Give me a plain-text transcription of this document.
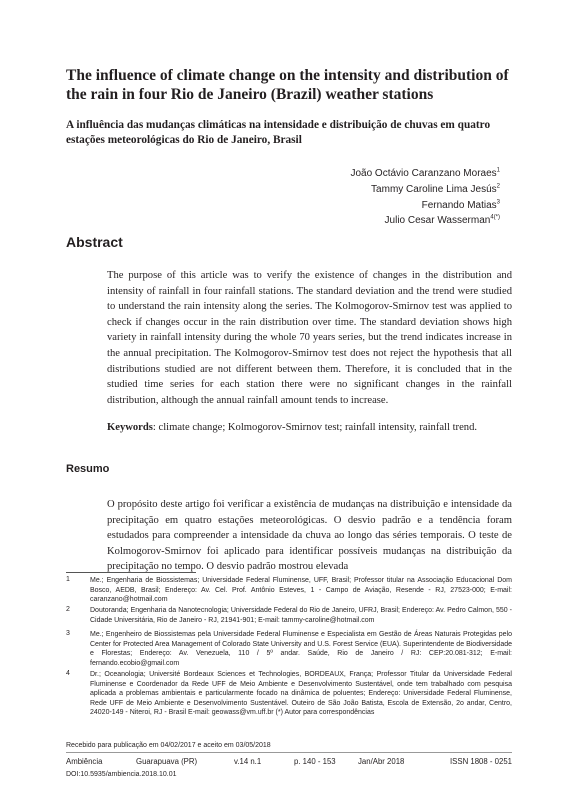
The influence of climate change on the intensity and distribution of the rain in four Rio de Janeiro (Brazil) weather stations
A influência das mudanças climáticas na intensidade e distribuição de chuvas em quatro estações meteorológicas do Rio de Janeiro, Brasil
João Octávio Caranzano Moraes$^1$
Tammy Caroline Lima Jesús$^2$
Fernando Matias$^3$
Julio Cesar Wasserman$^{4(*)}$
Abstract
The purpose of this article was to verify the existence of changes in the distribution and intensity of rainfall in four rainfall stations. The standard deviation and the trend were studied to understand the rain intensity along the series. The Kolmogorov-Smirnov test was applied to check if changes occur in the rain distribution over time. The standard deviation shows high variety in rainfall intensity during the whole 70 years series, but the trend indicates increase in the annual precipitation. The Kolmogorov-Smirnov test does not reject the hypothesis that all distributions studied are not different between them. Therefore, it is concluded that in the studied time series for each station there were no significant changes in the rainfall distribution, although the annual rainfall amount tends to increase.
Keywords: climate change; Kolmogorov-Smirnov test; rainfall intensity, rainfall trend.
Resumo
O propósito deste artigo foi verificar a existência de mudanças na distribuição e intensidade da precipitação em quatro estações meteorológicas. O desvio padrão e a tendência foram estudados para compreender a intensidade da chuva ao longo das séries temporais. O teste de Kolmogorov-Smirnov foi aplicado para identificar possíveis mudanças na distribuição da precipitação no tempo. O desvio padrão mostrou elevada
1	Me.; Engenharia de Biossistemas; Universidade Federal Fluminense, UFF, Brasil; Professor titular na Associação Educacional Dom Bosco, AEDB, Brasil; Endereço: Av. Cel. Prof. Antônio Esteves, 1 - Campo de Aviação, Resende - RJ, 27523-000; E-mail: caranzano@hotmail.com
2	Doutoranda; Engenharia da Nanotecnologia; Universidade Federal do Rio de Janeiro, UFRJ, Brasil; Endereço: Av. Pedro Calmon, 550 - Cidade Universitária, Rio de Janeiro - RJ, 21941-901; E-mail: tammy-caroline@hotmail.com
3	Me.; Engenheiro de Biossistemas pela Universidade Federal Fluminense e Especialista em Gestão de Áreas Naturais Protegidas pelo Center for Protected Area Management of Colorado State University and U.S. Forest Service (EUA). Superintendente de Biodiversidade e Florestas; Endereço: Av. Venezuela, 110 / 5º andar. Saúde, Rio de Janeiro / RJ: CEP:20.081-312; E-mail: fernando.ecobio@gmail.com
4	Dr.; Oceanologia; Université Bordeaux Sciences et Technologies, BORDEAUX, França; Professor Titular da Universidade Federal Fluminense e Coordenador da Rede UFF de Meio Ambiente e Desenvolvimento Sustentável, onde tem trabalhado com pesquisa aplicada a problemas ambientais e particularmente focado na dinâmica de poluentes; Endereço: Universidade Federal Fluminense, Rede UFF de Meio Ambiente e Desenvolvimento Sustentável. Outeiro de São João Batista, Escola de Extensão, 2o andar, Centro, 24020-149 - Niteroi, RJ - Brasil E-mail: geowass@vm.uff.br (*) Autor para correspondências
Recebido para publicação em 04/02/2017 e aceito em 03/05/2018
Ambiência	Guarapuava (PR)	v.14 n.1	p. 140 - 153	Jan/Abr 2018	ISSN 1808 - 0251
DOI:10.5935/ambiencia.2018.10.01
